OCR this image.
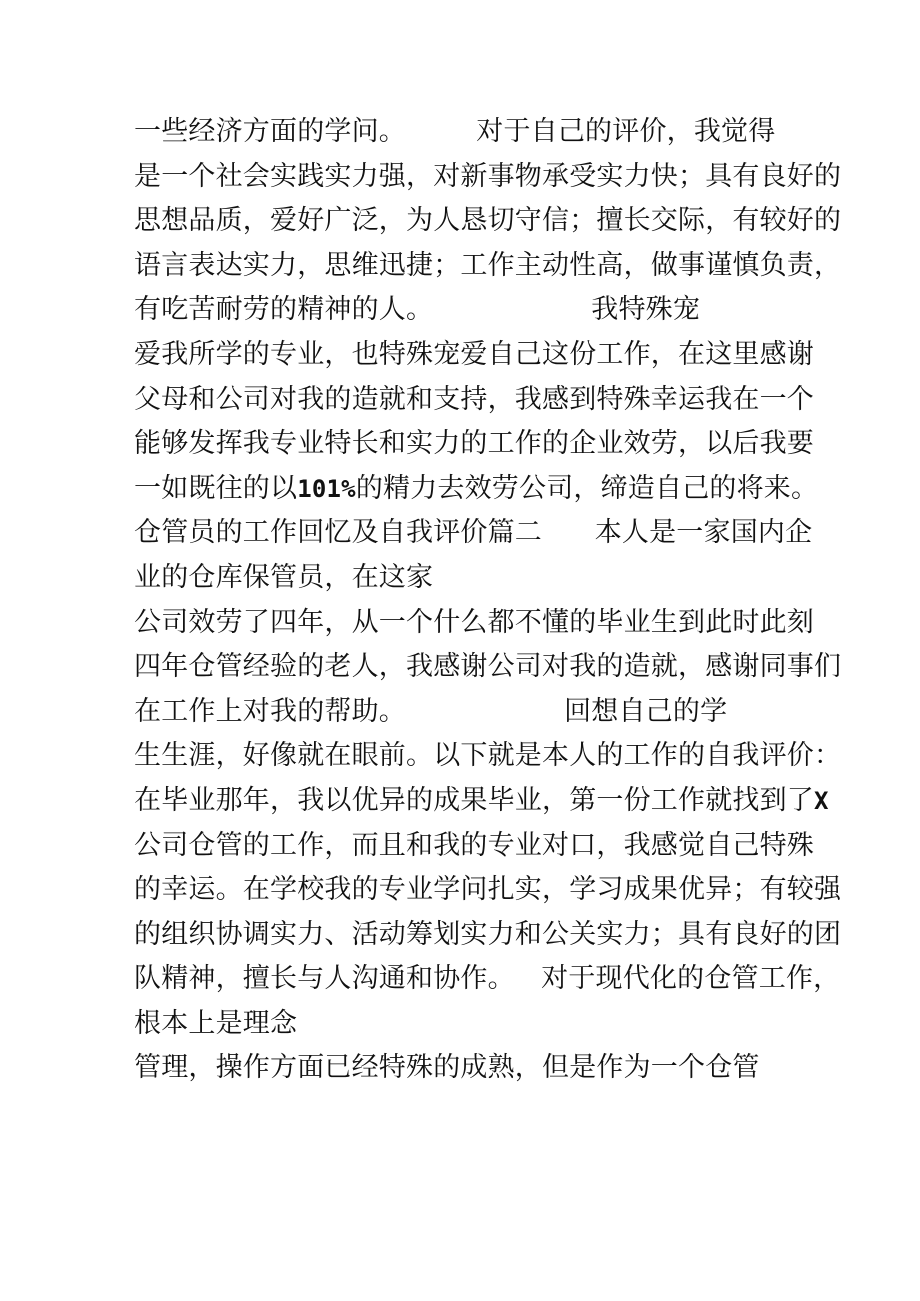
一些经济方面的学问。        对于自己的评价，我觉得
是一个社会实践实力强，对新事物承受实力快；具有良好的
思想品质，爱好广泛，为人恳切守信；擅长交际，有较好的
语言表达实力，思维迅捷；工作主动性高，做事谨慎负责，
有吃苦耐劳的精神的人。                  我特殊宠
爱我所学的专业，也特殊宠爱自己这份工作，在这里感谢
父母和公司对我的造就和支持，我感到特殊幸运我在一个
能够发挥我专业特长和实力的工作的企业效劳，以后我要
一如既往的以101%的精力去效劳公司，缔造自己的将来。
仓管员的工作回忆及自我评价篇二      本人是一家国内企
业的仓库保管员，在这家
公司效劳了四年，从一个什么都不懂的毕业生到此时此刻
四年仓管经验的老人，我感谢公司对我的造就，感谢同事们
在工作上对我的帮助。                  回想自己的学
生生涯，好像就在眼前。以下就是本人的工作的自我评价：
在毕业那年，我以优异的成果毕业，第一份工作就找到了X
公司仓管的工作，而且和我的专业对口，我感觉自己特殊
的幸运。在学校我的专业学问扎实，学习成果优异；有较强
的组织协调实力、活动筹划实力和公关实力；具有良好的团
队精神，擅长与人沟通和协作。   对于现代化的仓管工作，
根本上是理念
管理，操作方面已经特殊的成熟，但是作为一个仓管
